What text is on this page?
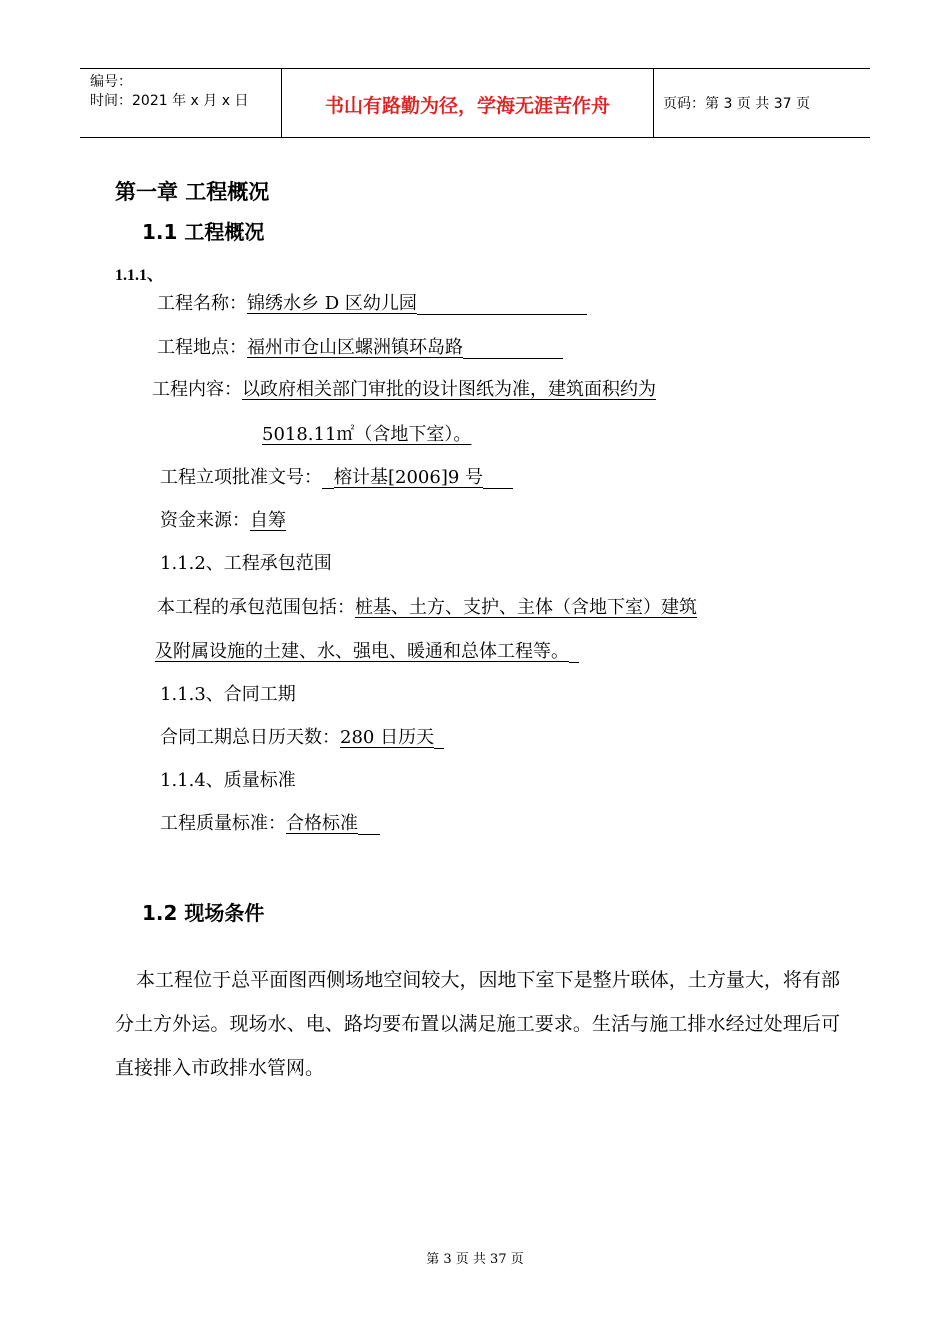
编号：
时间：2021 年 x 月 x 日	书山有路勤为径，学海无涯苦作舟	页码：第 3 页 共 37 页
第一章 工程概况
1.1 工程概况
1.1.1、
工程名称：锦绣水乡 D 区幼儿园
工程地点：福州市仓山区螺洲镇环岛路
工程内容：以政府相关部门审批的设计图纸为准，建筑面积约为
5018.11㎡（含地下室）。
工程立项批准文号： 榕计基[2006]9 号
资金来源：自筹
1.1.2、工程承包范围
本工程的承包范围包括：桩基、土方、支护、主体（含地下室）建筑
及附属设施的土建、水、强电、暖通和总体工程等。
1.1.3、合同工期
合同工期总日历天数：280 日历天
1.1.4、质量标准
工程质量标准：合格标准
1.2 现场条件
本工程位于总平面图西侧场地空间较大，因地下室下是整片联体，土方量大，将有部分土方外运。现场水、电、路均要布置以满足施工要求。生活与施工排水经过处理后可直接排入市政排水管网。
第 3 页 共 37 页
